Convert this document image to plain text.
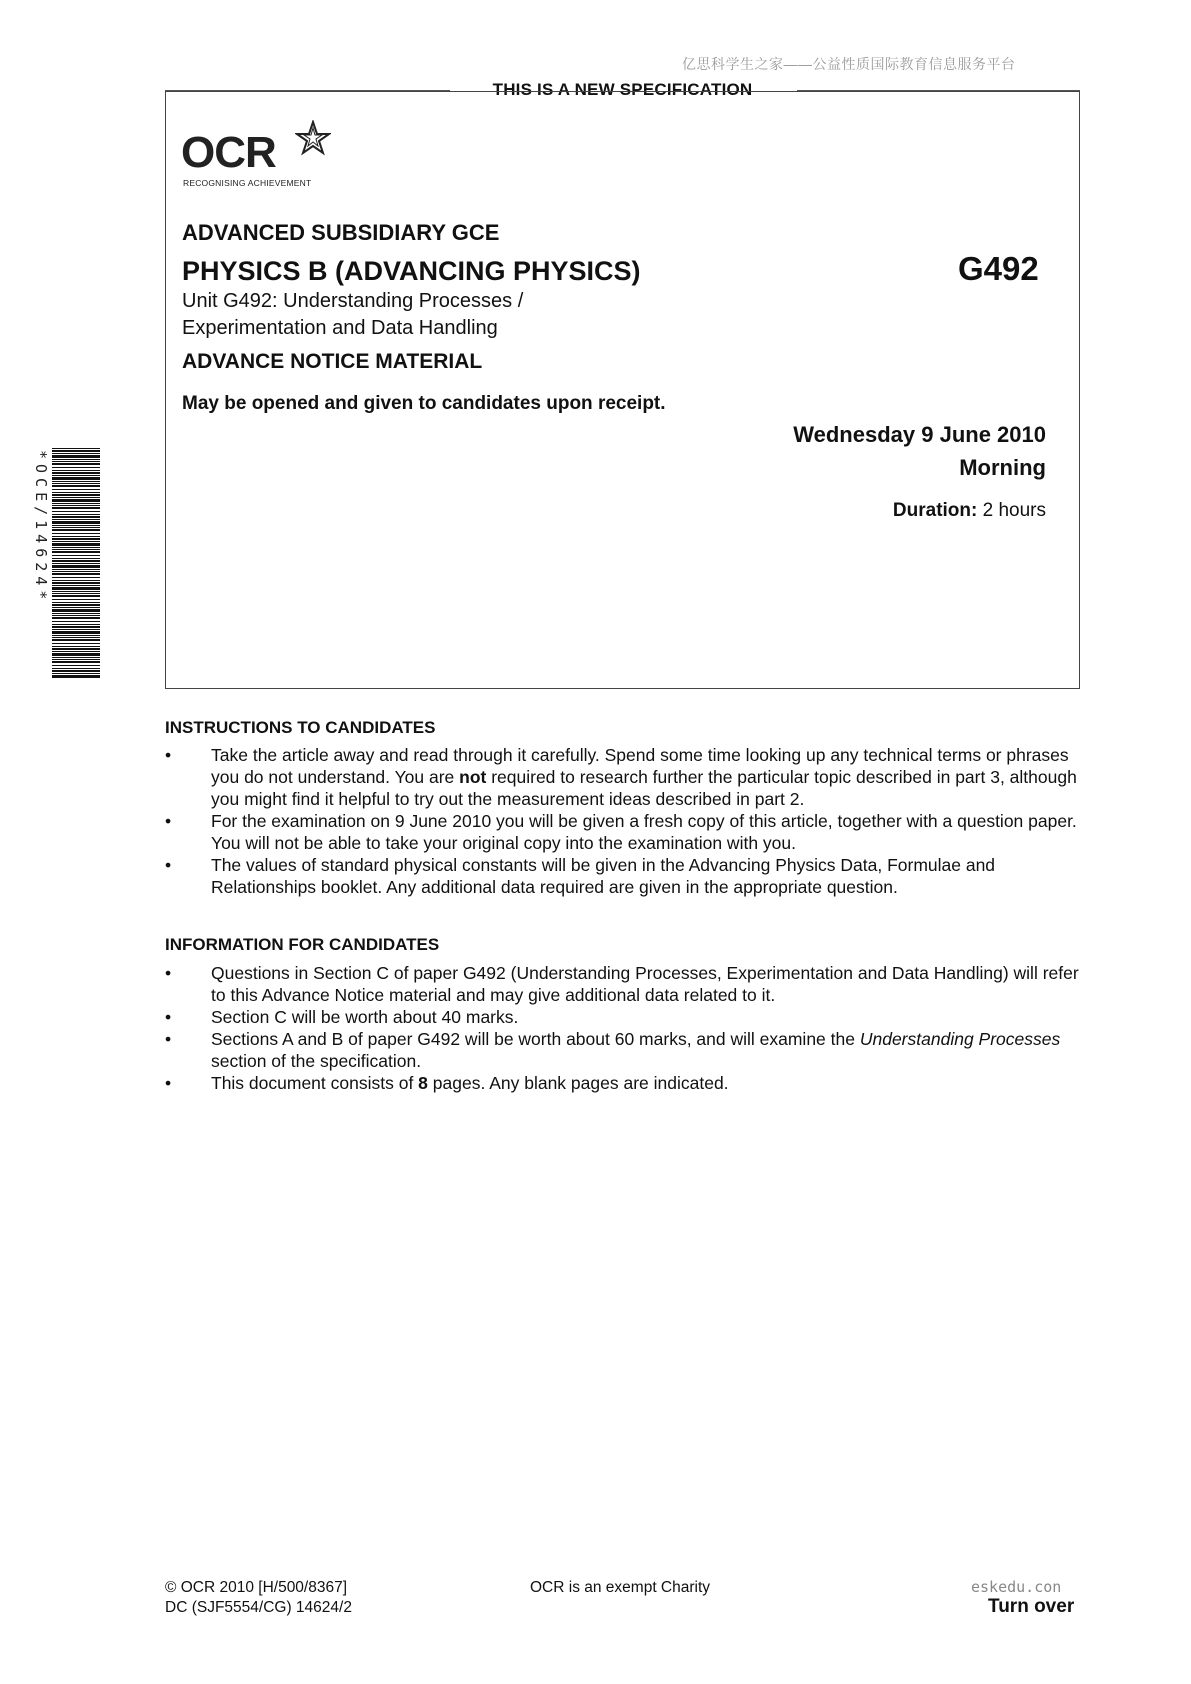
亿思科学生之家——公益性质国际教育信息服务平台
THIS IS A NEW SPECIFICATION
OCR
RECOGNISING ACHIEVEMENT
ADVANCED SUBSIDIARY GCE
PHYSICS B (ADVANCING PHYSICS)	G492
Unit G492: Understanding Processes /
Experimentation and Data Handling
ADVANCE NOTICE MATERIAL
May be opened and given to candidates upon receipt.
Wednesday 9 June 2010
Morning
Duration: 2 hours
*OCE/14624*
INSTRUCTIONS TO CANDIDATES
• Take the article away and read through it carefully. Spend some time looking up any technical terms or phrases you do not understand. You are not required to research further the particular topic described in part 3, although you might find it helpful to try out the measurement ideas described in part 2.
• For the examination on 9 June 2010 you will be given a fresh copy of this article, together with a question paper. You will not be able to take your original copy into the examination with you.
• The values of standard physical constants will be given in the Advancing Physics Data, Formulae and Relationships booklet. Any additional data required are given in the appropriate question.
INFORMATION FOR CANDIDATES
• Questions in Section C of paper G492 (Understanding Processes, Experimentation and Data Handling) will refer to this Advance Notice material and may give additional data related to it.
• Section C will be worth about 40 marks.
• Sections A and B of paper G492 will be worth about 60 marks, and will examine the Understanding Processes section of the specification.
• This document consists of 8 pages. Any blank pages are indicated.
© OCR 2010 [H/500/8367]
DC (SJF5554/CG) 14624/2
OCR is an exempt Charity	eskedu.con
Turn over
